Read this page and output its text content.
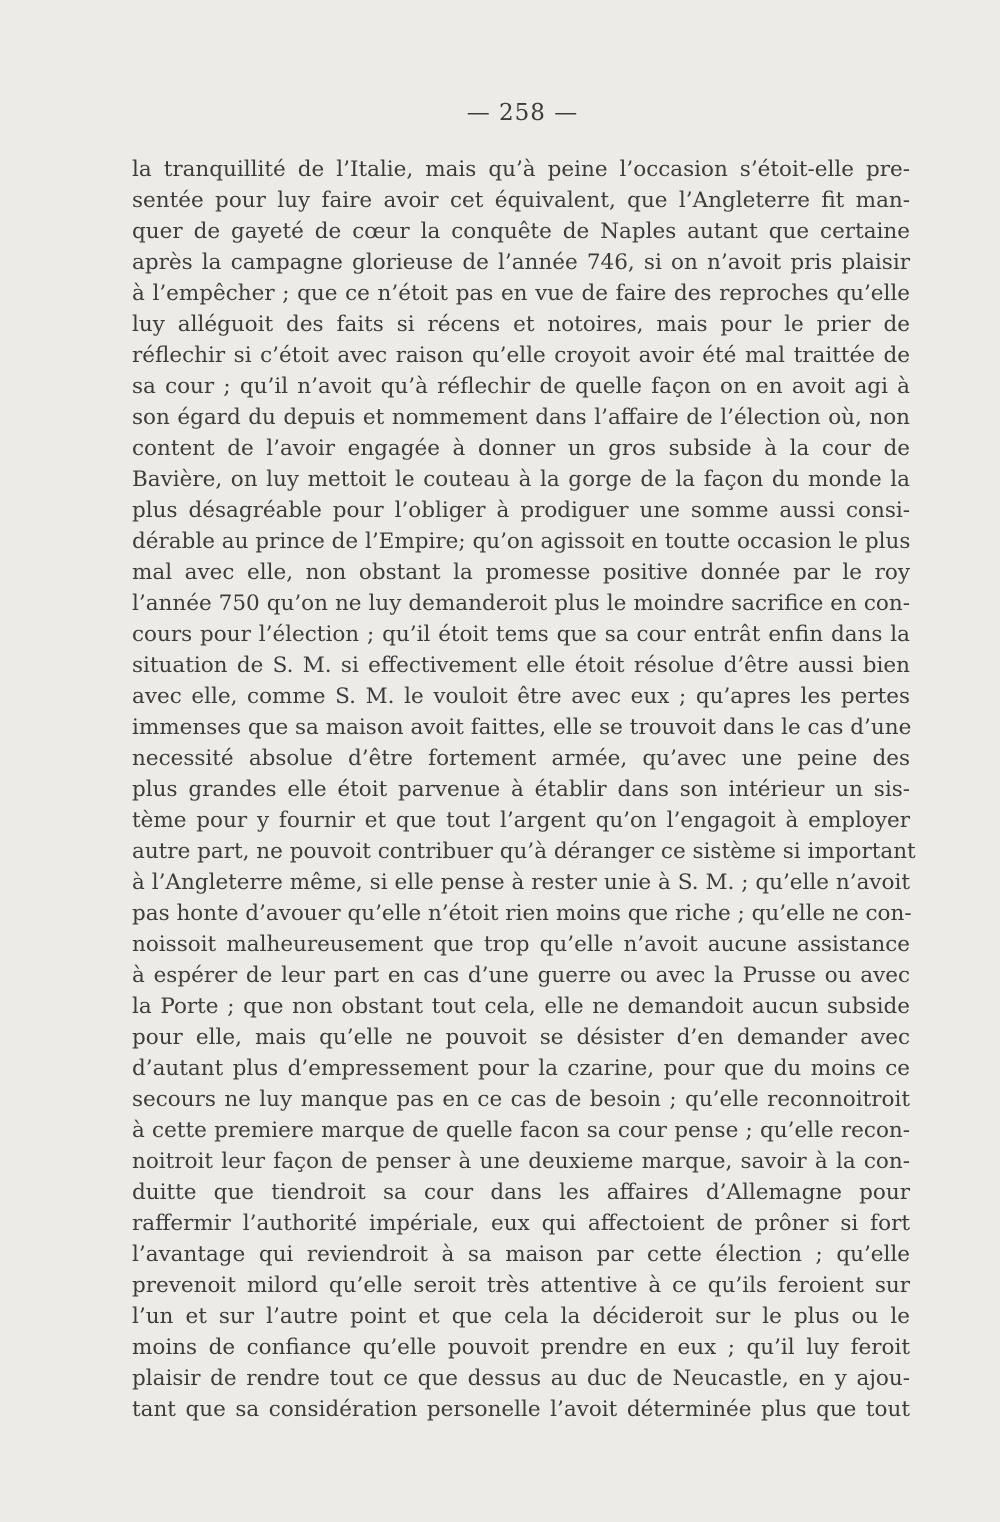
— 258 —
la tranquillité de l’Italie, mais qu’à peine l’occasion s’étoit-elle pre-
sentée pour luy faire avoir cet équivalent, que l’Angleterre fit man-
quer de gayeté de cœur la conquête de Naples autant que certaine
après la campagne glorieuse de l’année 746, si on n’avoit pris plaisir
à l’empêcher ; que ce n’étoit pas en vue de faire des reproches qu’elle
luy alléguoit des faits si récens et notoires, mais pour le prier de
réflechir si c’étoit avec raison qu’elle croyoit avoir été mal traittée de
sa cour ; qu’il n’avoit qu’à réflechir de quelle façon on en avoit agi à
son égard du depuis et nommement dans l’affaire de l’élection où, non
content de l’avoir engagée à donner un gros subside à la cour de
Bavière, on luy mettoit le couteau à la gorge de la façon du monde la
plus désagréable pour l’obliger à prodiguer une somme aussi consi-
dérable au prince de l’Empire; qu’on agissoit en toutte occasion le plus
mal avec elle, non obstant la promesse positive donnée par le roy
l’année 750 qu’on ne luy demanderoit plus le moindre sacrifice en con-
cours pour l’élection ; qu’il étoit tems que sa cour entrât enfin dans la
situation de S. M. si effectivement elle étoit résolue d’être aussi bien
avec elle, comme S. M. le vouloit être avec eux ; qu’apres les pertes
immenses que sa maison avoit faittes, elle se trouvoit dans le cas d’une
necessité absolue d’être fortement armée, qu’avec une peine des
plus grandes elle étoit parvenue à établir dans son intérieur un sis-
tème pour y fournir et que tout l’argent qu’on l’engagoit à employer
autre part, ne pouvoit contribuer qu’à déranger ce sistème si important
à l’Angleterre même, si elle pense à rester unie à S. M. ; qu’elle n’avoit
pas honte d’avouer qu’elle n’étoit rien moins que riche ; qu’elle ne con-
noissoit malheureusement que trop qu’elle n’avoit aucune assistance
à espérer de leur part en cas d’une guerre ou avec la Prusse ou avec
la Porte ; que non obstant tout cela, elle ne demandoit aucun subside
pour elle, mais qu’elle ne pouvoit se désister d’en demander avec
d’autant plus d’empressement pour la czarine, pour que du moins ce
secours ne luy manque pas en ce cas de besoin ; qu’elle reconnoitroit
à cette premiere marque de quelle facon sa cour pense ; qu’elle recon-
noitroit leur façon de penser à une deuxieme marque, savoir à la con-
duitte que tiendroit sa cour dans les affaires d’Allemagne pour
raffermir l’authorité impériale, eux qui affectoient de prôner si fort
l’avantage qui reviendroit à sa maison par cette élection ; qu’elle
prevenoit milord qu’elle seroit très attentive à ce qu’ils feroient sur
l’un et sur l’autre point et que cela la décideroit sur le plus ou le
moins de confiance qu’elle pouvoit prendre en eux ; qu’il luy feroit
plaisir de rendre tout ce que dessus au duc de Neucastle, en y ajou-
tant que sa considération personelle l’avoit déterminée plus que tout
